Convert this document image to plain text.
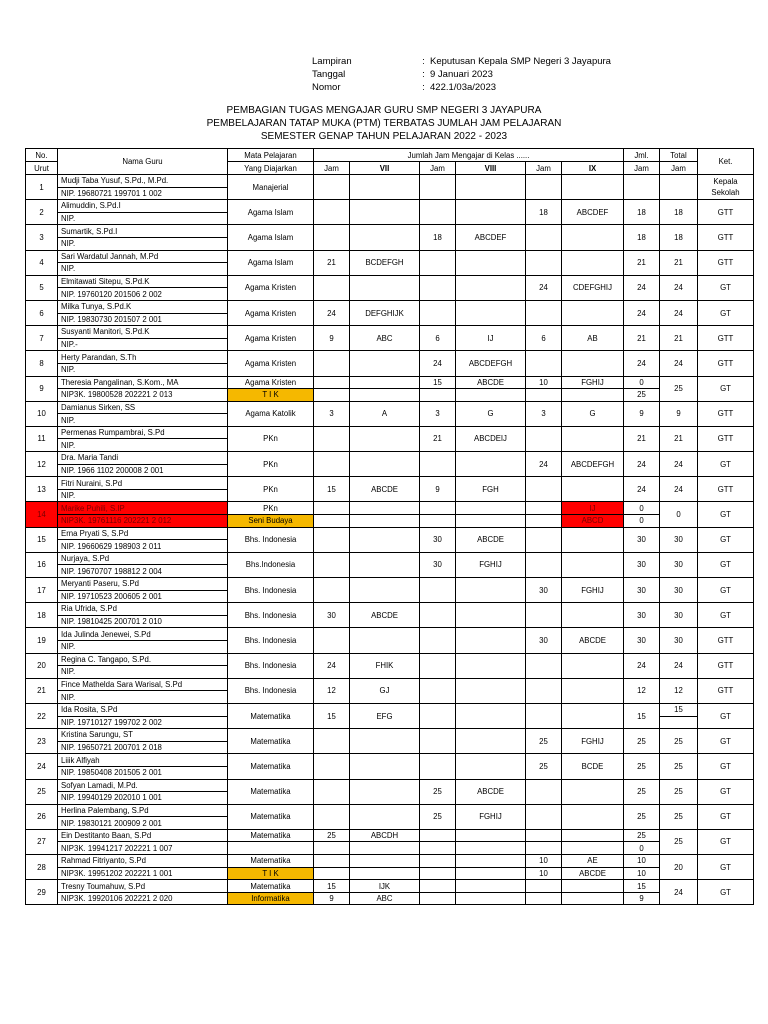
Lampiran	: Keputusan Kepala SMP Negeri 3 Jayapura
Tanggal	: 9 Januari 2023
Nomor	: 422.1/03a/2023
PEMBAGIAN TUGAS MENGAJAR GURU SMP NEGERI 3 JAYAPURA
PEMBELAJARAN TATAP MUKA (PTM) TERBATAS JUMLAH JAM PELAJARAN
SEMESTER GENAP TAHUN PELAJARAN 2022 - 2023
No.	Nama Guru	Mata Pelajaran	Jumlah Jam Mengajar di Kelas ......						Jml.	Total	Ket.
Urut		Yang Diajarkan	Jam	VII	Jam	VIII	Jam	IX	Jam	Jam	
1	Mudji Taba Yusuf, S.Pd., M.Pd.	Manajerial									Kepala Sekolah
	NIP. 19680721 199701 1 002										
2	Alimuddin, S.Pd.I	Agama Islam					18	ABCDEF	18	18	GTT
	NIP.										
3	Sumartik, S.Pd.I	Agama Islam			18	ABCDEF			18	18	GTT
	NIP.										
4	Sari Wardatul Jannah, M.Pd	Agama Islam	21	BCDEFGH					21	21	GTT
	NIP.										
5	Elmitawati Sitepu, S.Pd.K	Agama Kristen					24	CDEFGHIJ	24	24	GT
	NIP. 19760120 201506 2 002										
6	Milka Tunya, S.Pd.K	Agama Kristen	24	DEFGHIJK					24	24	GT
	NIP. 19830730 201507 2 001										
7	Susyanti Manitori, S.Pd.K	Agama Kristen	9	ABC	6	IJ	6	AB	21	21	GTT
	NIP.-										
8	Herty Parandan, S.Th	Agama Kristen			24	ABCDEFGH			24	24	GTT
	NIP.										
9	Theresia Pangalinan, S.Kom., MA	Agama Kristen			15	ABCDE	10	FGHIJ	0	25	GT
	NIP3K. 19800528 202221 2 013	T I K							25		
10	Damianus Sirken, SS	Agama Katolik	3	A	3	G	3	G	9	9	GTT
	NIP.										
11	Permenas Rumpambrai, S.Pd	PKn			21	ABCDEIJ			21	21	GTT
	NIP.										
12	Dra. Maria Tandi	PKn					24	ABCDEFGH	24	24	GT
	NIP. 1966 1102 200008 2 001										
13	Fitri Nuraini, S.Pd	PKn	15	ABCDE	9	FGH			24	24	GTT
	NIP.										
14	Marike Puhili, S.IP	PKn						IJ	0	0	GT
	NIP3K. 19761116 202221 2 012	Seni Budaya						ABCD	0		
15	Erna Pryati S, S.Pd	Bhs. Indonesia			30	ABCDE			30	30	GT
	NIP. 19660629 198903 2 011										
16	Nurjaya, S.Pd	Bhs.Indonesia			30	FGHIJ			30	30	GT
	NIP. 19670707 198812 2 004										
17	Meryanti Paseru, S.Pd	Bhs. Indonesia					30	FGHIJ	30	30	GT
	NIP. 19710523 200605 2 001										
18	Ria Ufrida, S.Pd	Bhs. Indonesia	30	ABCDE					30	30	GT
	NIP. 19810425 200701 2 010										
19	Ida Julinda Jenewei, S.Pd	Bhs. Indonesia					30	ABCDE	30	30	GTT
	NIP.										
20	Regina C. Tangapo, S.Pd.	Bhs. Indonesia	24	FHIK					24	24	GTT
	NIP.										
21	Fince Mathelda Sara Warisal, S.Pd	Bhs. Indonesia	12	GJ					12	12	GTT
	NIP.										
22	Ida Rosita, S.Pd	Matematika	15	EFG					15	15	GT
	NIP. 19710127 199702 2 002										
23	Kristina Sarungu, ST	Matematika					25	FGHIJ	25	25	GT
	NIP. 19650721 200701 2 018										
24	Liiik Alfiyah	Matematika					25	BCDE	25	25	GT
	NIP. 19850408 201505 2 001										
25	Sofyan Lamadi, M.Pd.	Matematika			25	ABCDE			25	25	GT
	NIP. 19940129 202010 1 001										
26	Herlina Palembang, S.Pd	Matematika			25	FGHIJ			25	25	GT
	NIP. 19830121 200909 2 001										
27	Ein Destitanto Baan, S.Pd	Matematika	25	ABCDH					25	25	GT
	NIP3K. 19941217 202221 1 007								0		
28	Rahmad Fitriyanto, S.Pd	Matematika					10	AE	10	20	GT
	NIP3K. 19951202 202221 1 001	T I K					10	ABCDE	10		
29	Tresny Toumahuw, S.Pd	Matematika	15	IJK					15	24	GT
	NIP3K. 19920106 202221 2 020	Informatika	9	ABC					9		
